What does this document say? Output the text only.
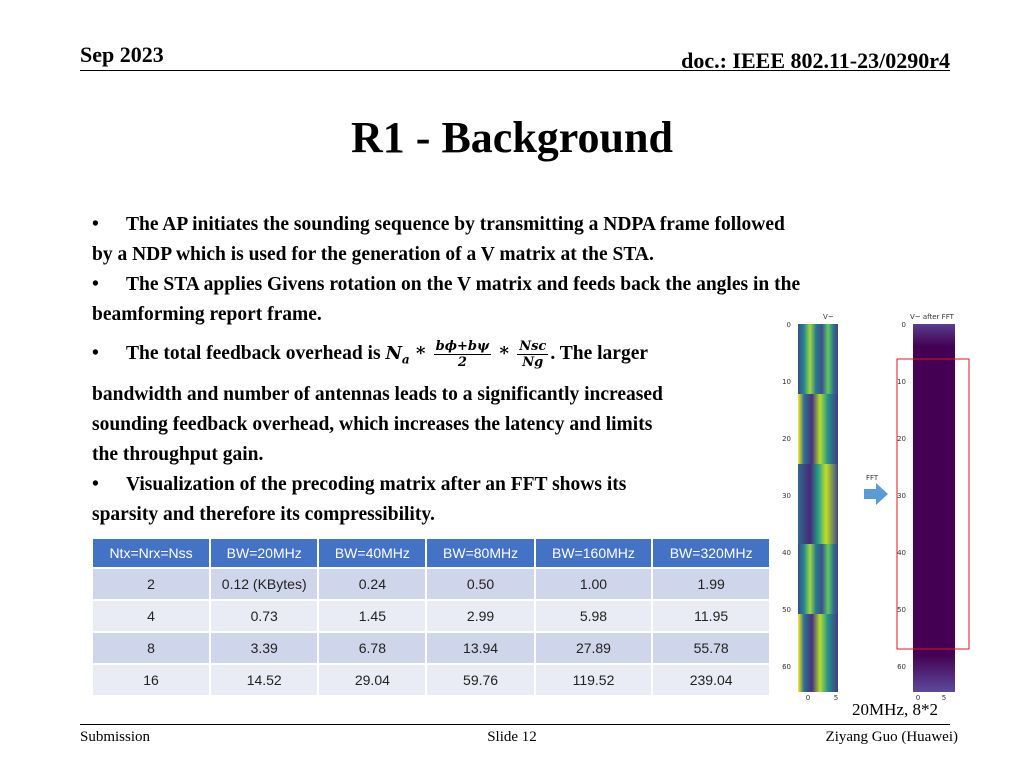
Sep 2023	doc.: IEEE 802.11-23/0290r4
R1 - Background
• The AP initiates the sounding sequence by transmitting a NDPA frame followed
by a NDP which is used for the generation of a V matrix at the STA.
• The STA applies Givens rotation on the V matrix and feeds back the angles in the
beamforming report frame.
• The total feedback overhead is $N_a * b\phi+b\psi$
2	* Nsc
Ng . The larger
bandwidth and number of antennas leads to a significantly increased
sounding feedback overhead, which increases the latency and limits
the throughput gain.
• Visualization of the precoding matrix after an FFT shows its
sparsity and therefore its compressibility.
Ntx=Nrx=Nss	BW=20MHz	BW=40MHz	BW=80MHz	BW=160MHz	BW=320MHz
2	0.12 (KBytes)	0.24	0.50	1.00	1.99
4	0.73	1.45	2.99	5.98	11.95
8	3.39	6.78	13.94	27.89	55.78
16	14.52	29.04	59.76	119.52	239.04
V~
0
10
20
30
40
50
60
0	5
FFT
V~ after FFT
0
10
20
30
40
50
60
0	5
20MHz, 8*2
Submission	Slide 12	Ziyang Guo (Huawei)
